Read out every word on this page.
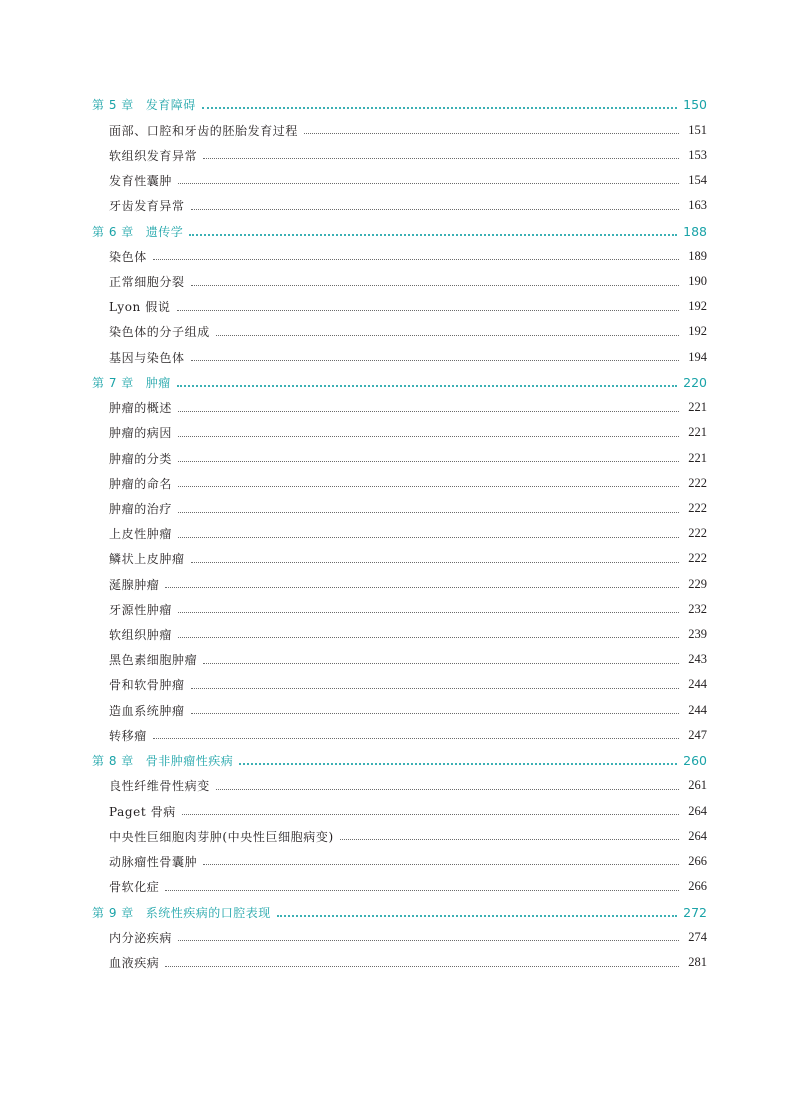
第 5 章 发育障碍	150
面部、口腔和牙齿的胚胎发育过程	151
软组织发育异常	153
发育性囊肿	154
牙齿发育异常	163
第 6 章 遗传学	188
染色体	189
正常细胞分裂	190
Lyon 假说	192
染色体的分子组成	192
基因与染色体	194
第 7 章 肿瘤	220
肿瘤的概述	221
肿瘤的病因	221
肿瘤的分类	221
肿瘤的命名	222
肿瘤的治疗	222
上皮性肿瘤	222
鳞状上皮肿瘤	222
涎腺肿瘤	229
牙源性肿瘤	232
软组织肿瘤	239
黑色素细胞肿瘤	243
骨和软骨肿瘤	244
造血系统肿瘤	244
转移瘤	247
第 8 章 骨非肿瘤性疾病	260
良性纤维骨性病变	261
Paget 骨病	264
中央性巨细胞肉芽肿(中央性巨细胞病变)	264
动脉瘤性骨囊肿	266
骨软化症	266
第 9 章 系统性疾病的口腔表现	272
内分泌疾病	274
血液疾病	281
